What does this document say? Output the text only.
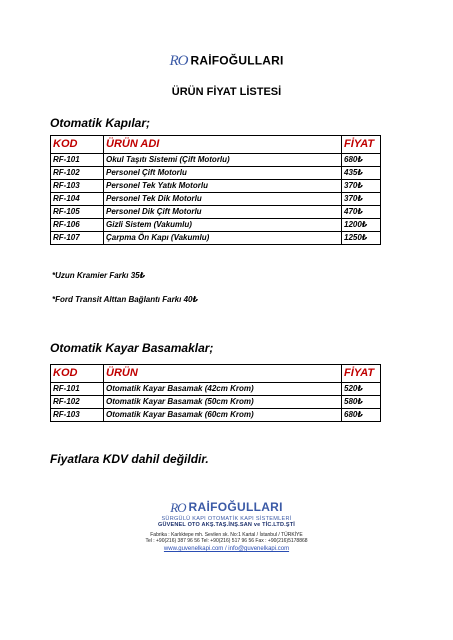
RO RAİFOĞULLARI
ÜRÜN FİYAT LİSTESİ
Otomatik Kapılar;
KOD	ÜRÜN ADI	FİYAT
RF-101	Okul Taşıtı Sistemi (Çift Motorlu)	680₺
RF-102	Personel Çift Motorlu	435₺
RF-103	Personel Tek Yatık Motorlu	370₺
RF-104	Personel Tek Dik Motorlu	370₺
RF-105	Personel Dik Çift Motorlu	470₺
RF-106	Gizli Sistem (Vakumlu)	1200₺
RF-107	Çarpma Ön Kapı (Vakumlu)	1250₺
*Uzun Kramier Farkı 35₺
*Ford Transit Alttan Bağlantı Farkı 40₺
Otomatik Kayar Basamaklar;
KOD	ÜRÜN	FİYAT
RF-101	Otomatik Kayar Basamak (42cm Krom)	520₺
RF-102	Otomatik Kayar Basamak (50cm Krom)	580₺
RF-103	Otomatik Kayar Basamak (60cm Krom)	680₺
Fiyatlara KDV dahil değildir.
RO RAİFOĞULLARI
SÜRGÜLÜ KAPI OTOMATİK KAPI SİSTEMLERİ
GÜVENEL OTO AKŞ.TAŞ.İNŞ.SAN ve TİC.LTD.ŞTİ
Fabrika : Karlıktepe mh. Sevilen sk. No:1 Kartal / İstanbul / TÜRKİYE
Tel : +90(216) 387 96 56 Tel: +90(216) 517 96 56 Fax : +90(216)5178868
www.guvenelkapi.com / info@guvenelkapi.com
